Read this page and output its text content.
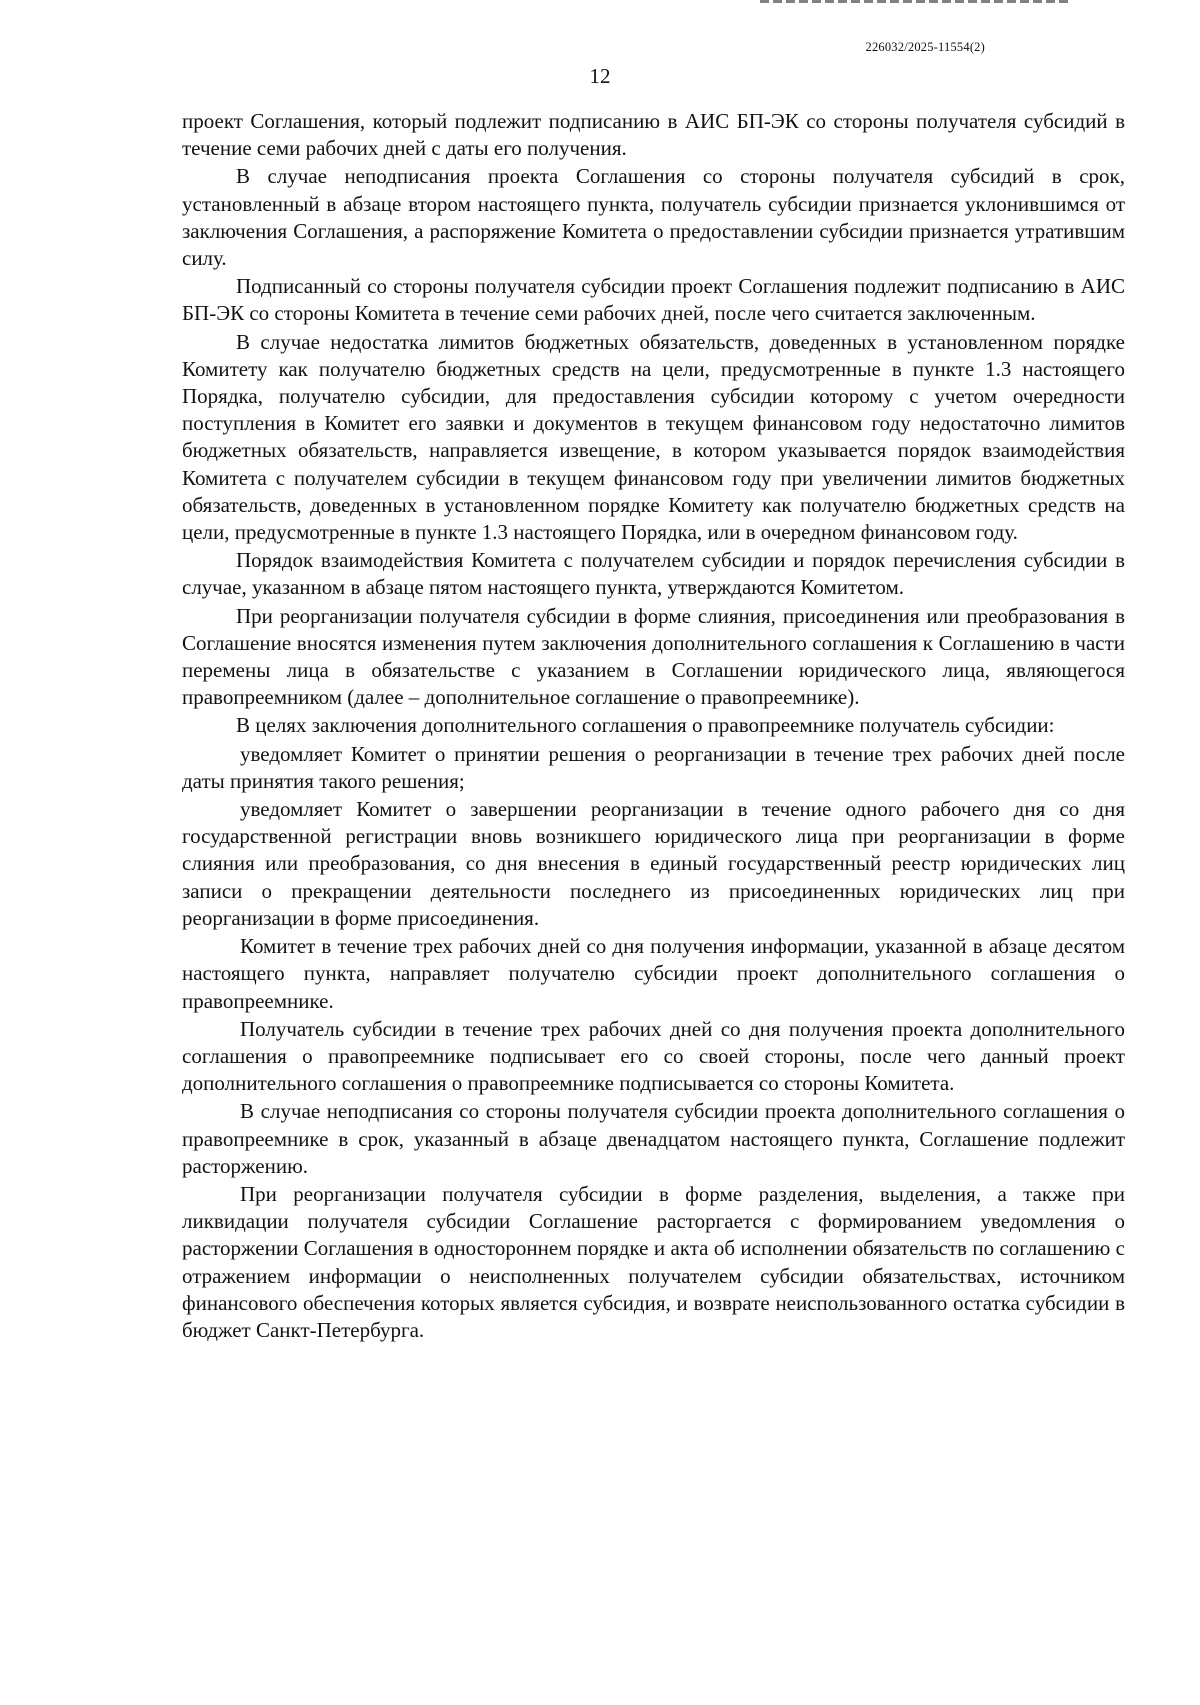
226032/2025-11554(2)
12

проект Соглашения, который подлежит подписанию в АИС БП-ЭК со стороны получателя субсидий в течение семи рабочих дней с даты его получения.

В случае неподписания проекта Соглашения со стороны получателя субсидий в срок, установленный в абзаце втором настоящего пункта, получатель субсидии признается уклонившимся от заключения Соглашения, а распоряжение Комитета о предоставлении субсидии признается утратившим силу.

Подписанный со стороны получателя субсидии проект Соглашения подлежит подписанию в АИС БП-ЭК со стороны Комитета в течение семи рабочих дней, после чего считается заключенным.

В случае недостатка лимитов бюджетных обязательств, доведенных в установленном порядке Комитету как получателю бюджетных средств на цели, предусмотренные в пункте 1.3 настоящего Порядка, получателю субсидии, для предоставления субсидии которому с учетом очередности поступления в Комитет его заявки и документов в текущем финансовом году недостаточно лимитов бюджетных обязательств, направляется извещение, в котором указывается порядок взаимодействия Комитета с получателем субсидии в текущем финансовом году при увеличении лимитов бюджетных обязательств, доведенных в установленном порядке Комитету как получателю бюджетных средств на цели, предусмотренные в пункте 1.3 настоящего Порядка, или в очередном финансовом году.

Порядок взаимодействия Комитета с получателем субсидии и порядок перечисления субсидии в случае, указанном в абзаце пятом настоящего пункта, утверждаются Комитетом.

При реорганизации получателя субсидии в форме слияния, присоединения или преобразования в Соглашение вносятся изменения путем заключения дополнительного соглашения к Соглашению в части перемены лица в обязательстве с указанием в Соглашении юридического лица, являющегося правопреемником (далее – дополнительное соглашение о правопреемнике).

В целях заключения дополнительного соглашения о правопреемнике получатель субсидии:

уведомляет Комитет о принятии решения о реорганизации в течение трех рабочих дней после даты принятия такого решения;

уведомляет Комитет о завершении реорганизации в течение одного рабочего дня со дня государственной регистрации вновь возникшего юридического лица при реорганизации в форме слияния или преобразования, со дня внесения в единый государственный реестр юридических лиц записи о прекращении деятельности последнего из присоединенных юридических лиц при реорганизации в форме присоединения.

Комитет в течение трех рабочих дней со дня получения информации, указанной в абзаце десятом настоящего пункта, направляет получателю субсидии проект дополнительного соглашения о правопреемнике.

Получатель субсидии в течение трех рабочих дней со дня получения проекта дополнительного соглашения о правопреемнике подписывает его со своей стороны, после чего данный проект дополнительного соглашения о правопреемнике подписывается со стороны Комитета.

В случае неподписания со стороны получателя субсидии проекта дополнительного соглашения о правопреемнике в срок, указанный в абзаце двенадцатом настоящего пункта, Соглашение подлежит расторжению.

При реорганизации получателя субсидии в форме разделения, выделения, а также при ликвидации получателя субсидии Соглашение расторгается с формированием уведомления о расторжении Соглашения в одностороннем порядке и акта об исполнении обязательств по соглашению с отражением информации о неисполненных получателем субсидии обязательствах, источником финансового обеспечения которых является субсидия, и возврате неиспользованного остатка субсидии в бюджет Санкт-Петербурга.
